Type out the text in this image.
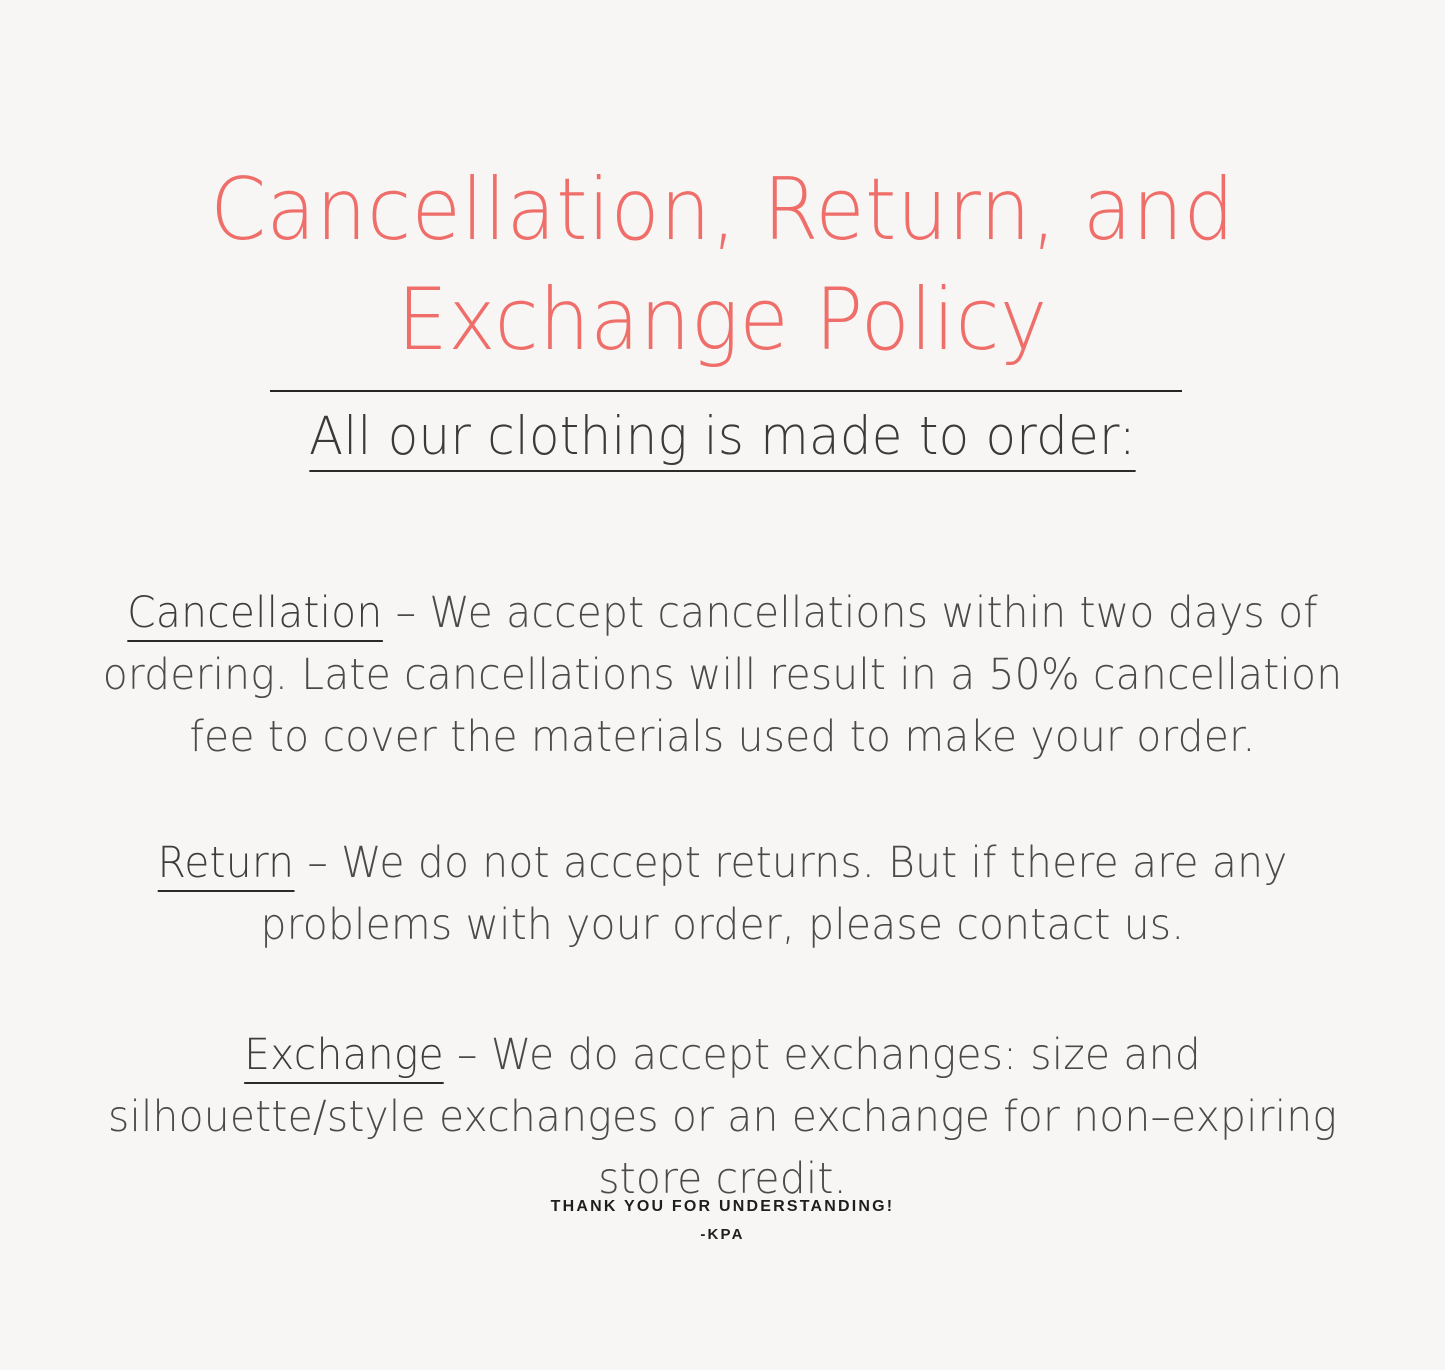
Cancellation, Return, and Exchange Policy
All our clothing is made to order:

Cancellation – We accept cancellations within two days of ordering. Late cancellations will result in a 50% cancellation fee to cover the materials used to make your order.

Return – We do not accept returns. But if there are any problems with your order, please contact us.

Exchange – We do accept exchanges: size and silhouette/style exchanges or an exchange for non–expiring store credit.

THANK YOU FOR UNDERSTANDING!
-KPA
